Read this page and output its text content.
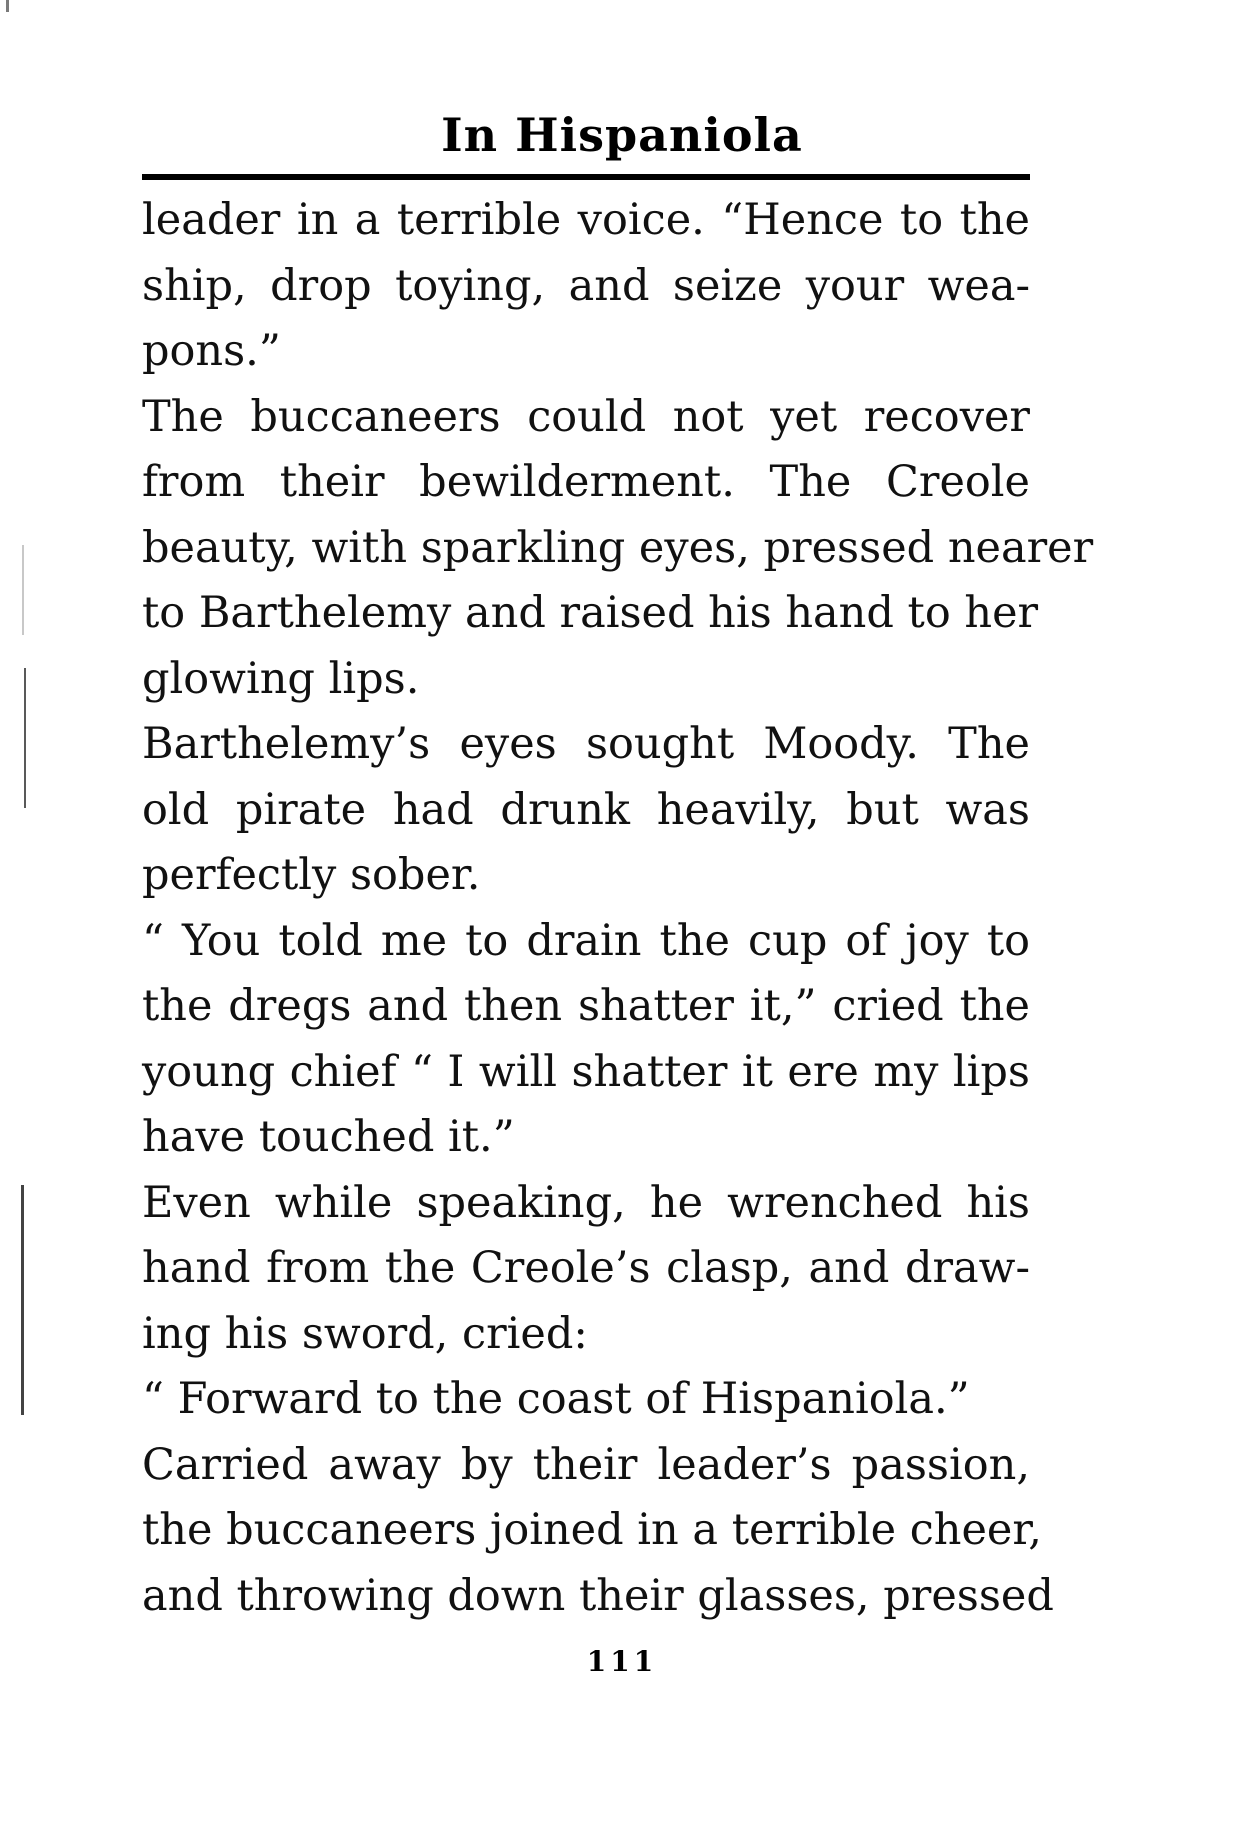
In Hispaniola
leader in a terrible voice. “Hence to the
ship, drop toying, and seize your wea-
pons.”
The buccaneers could not yet recover
from their bewilderment. The Creole
beauty, with sparkling eyes, pressed nearer
to Barthelemy and raised his hand to her
glowing lips.
Barthelemy’s eyes sought Moody. The
old pirate had drunk heavily, but was
perfectly sober.
“ You told me to drain the cup of joy to
the dregs and then shatter it,” cried the
young chief “ I will shatter it ere my lips
have touched it.”
Even while speaking, he wrenched his
hand from the Creole’s clasp, and draw-
ing his sword, cried:
“ Forward to the coast of Hispaniola.”
Carried away by their leader’s passion,
the buccaneers joined in a terrible cheer,
and throwing down their glasses, pressed
111
